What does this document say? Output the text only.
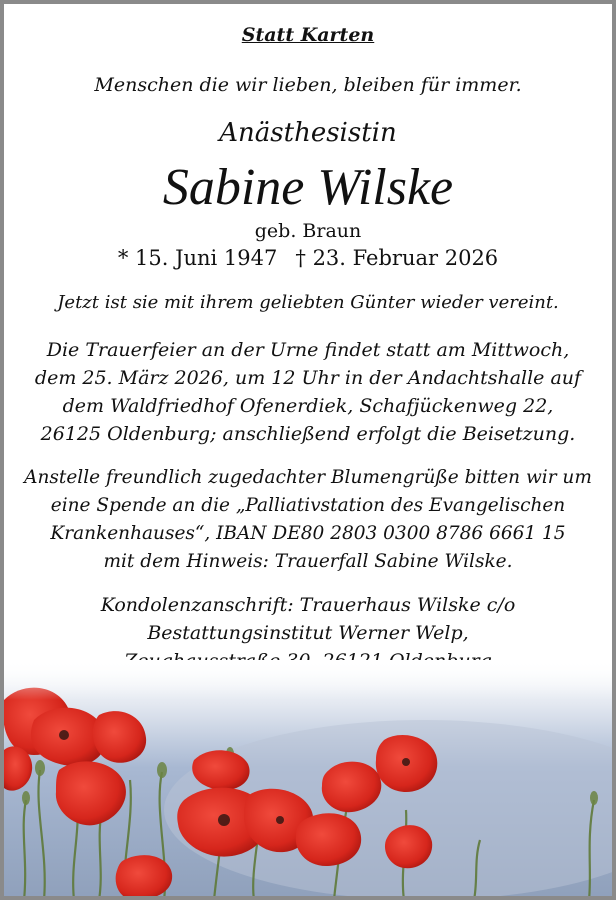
Statt Karten
Menschen die wir lieben, bleiben für immer.
Anästhesistin
Sabine Wilske
geb. Braun
* 15. Juni 1947 † 23. Februar 2026
Jetzt ist sie mit ihrem geliebten Günter wieder vereint.
Die Trauerfeier an der Urne findet statt am Mittwoch,
dem 25. März 2026, um 12 Uhr in der Andachtshalle auf
dem Waldfriedhof Ofenerdiek, Schafjückenweg 22,
26125 Oldenburg; anschließend erfolgt die Beisetzung.
Anstelle freundlich zugedachter Blumengrüße bitten wir um
eine Spende an die „Palliativstation des Evangelischen
Krankenhauses“, IBAN DE80 2803 0300 8786 6661 15
mit dem Hinweis: Trauerfall Sabine Wilske.
Kondolenzanschrift: Trauerhaus Wilske c/o
Bestattungsinstitut Werner Welp,
